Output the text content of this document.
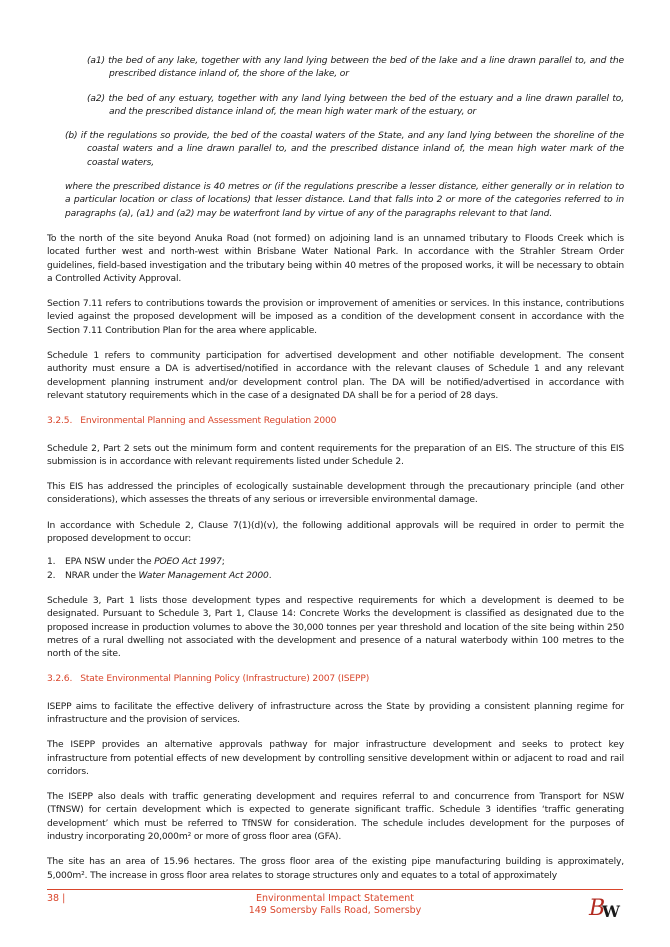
(a1) the bed of any lake, together with any land lying between the bed of the lake and a line drawn parallel to, and the prescribed distance inland of, the shore of the lake, or

(a2) the bed of any estuary, together with any land lying between the bed of the estuary and a line drawn parallel to, and the prescribed distance inland of, the mean high water mark of the estuary, or

(b) if the regulations so provide, the bed of the coastal waters of the State, and any land lying between the shoreline of the coastal waters and a line drawn parallel to, and the prescribed distance inland of, the mean high water mark of the coastal waters,

where the prescribed distance is 40 metres or (if the regulations prescribe a lesser distance, either generally or in relation to a particular location or class of locations) that lesser distance. Land that falls into 2 or more of the categories referred to in paragraphs (a), (a1) and (a2) may be waterfront land by virtue of any of the paragraphs relevant to that land.

To the north of the site beyond Anuka Road (not formed) on adjoining land is an unnamed tributary to Floods Creek which is located further west and north-west within Brisbane Water National Park. In accordance with the Strahler Stream Order guidelines, field-based investigation and the tributary being within 40 metres of the proposed works, it will be necessary to obtain a Controlled Activity Approval.

Section 7.11 refers to contributions towards the provision or improvement of amenities or services. In this instance, contributions levied against the proposed development will be imposed as a condition of the development consent in accordance with the Section 7.11 Contribution Plan for the area where applicable.

Schedule 1 refers to community participation for advertised development and other notifiable development. The consent authority must ensure a DA is advertised/notified in accordance with the relevant clauses of Schedule 1 and any relevant development planning instrument and/or development control plan. The DA will be notified/advertised in accordance with relevant statutory requirements which in the case of a designated DA shall be for a period of 28 days.

3.2.5. Environmental Planning and Assessment Regulation 2000

Schedule 2, Part 2 sets out the minimum form and content requirements for the preparation of an EIS. The structure of this EIS submission is in accordance with relevant requirements listed under Schedule 2.

This EIS has addressed the principles of ecologically sustainable development through the precautionary principle (and other considerations), which assesses the threats of any serious or irreversible environmental damage.

In accordance with Schedule 2, Clause 7(1)(d)(v), the following additional approvals will be required in order to permit the proposed development to occur:

1.	EPA NSW under the POEO Act 1997;
2.	NRAR under the Water Management Act 2000.

Schedule 3, Part 1 lists those development types and respective requirements for which a development is deemed to be designated. Pursuant to Schedule 3, Part 1, Clause 14: Concrete Works the development is classified as designated due to the proposed increase in production volumes to above the 30,000 tonnes per year threshold and location of the site being within 250 metres of a rural dwelling not associated with the development and presence of a natural waterbody within 100 metres to the north of the site.

3.2.6. State Environmental Planning Policy (Infrastructure) 2007 (ISEPP)

ISEPP aims to facilitate the effective delivery of infrastructure across the State by providing a consistent planning regime for infrastructure and the provision of services.

The ISEPP provides an alternative approvals pathway for major infrastructure development and seeks to protect key infrastructure from potential effects of new development by controlling sensitive development within or adjacent to road and rail corridors.

The ISEPP also deals with traffic generating development and requires referral to and concurrence from Transport for NSW (TfNSW) for certain development which is expected to generate significant traffic. Schedule 3 identifies ‘traffic generating development’ which must be referred to TfNSW for consideration. The schedule includes development for the purposes of industry incorporating 20,000m² or more of gross floor area (GFA).

The site has an area of 15.96 hectares. The gross floor area of the existing pipe manufacturing building is approximately, 5,000m². The increase in gross floor area relates to storage structures only and equates to a total of approximately

38 |	Environmental Impact Statement
149 Somersby Falls Road, Somersby	B
W
